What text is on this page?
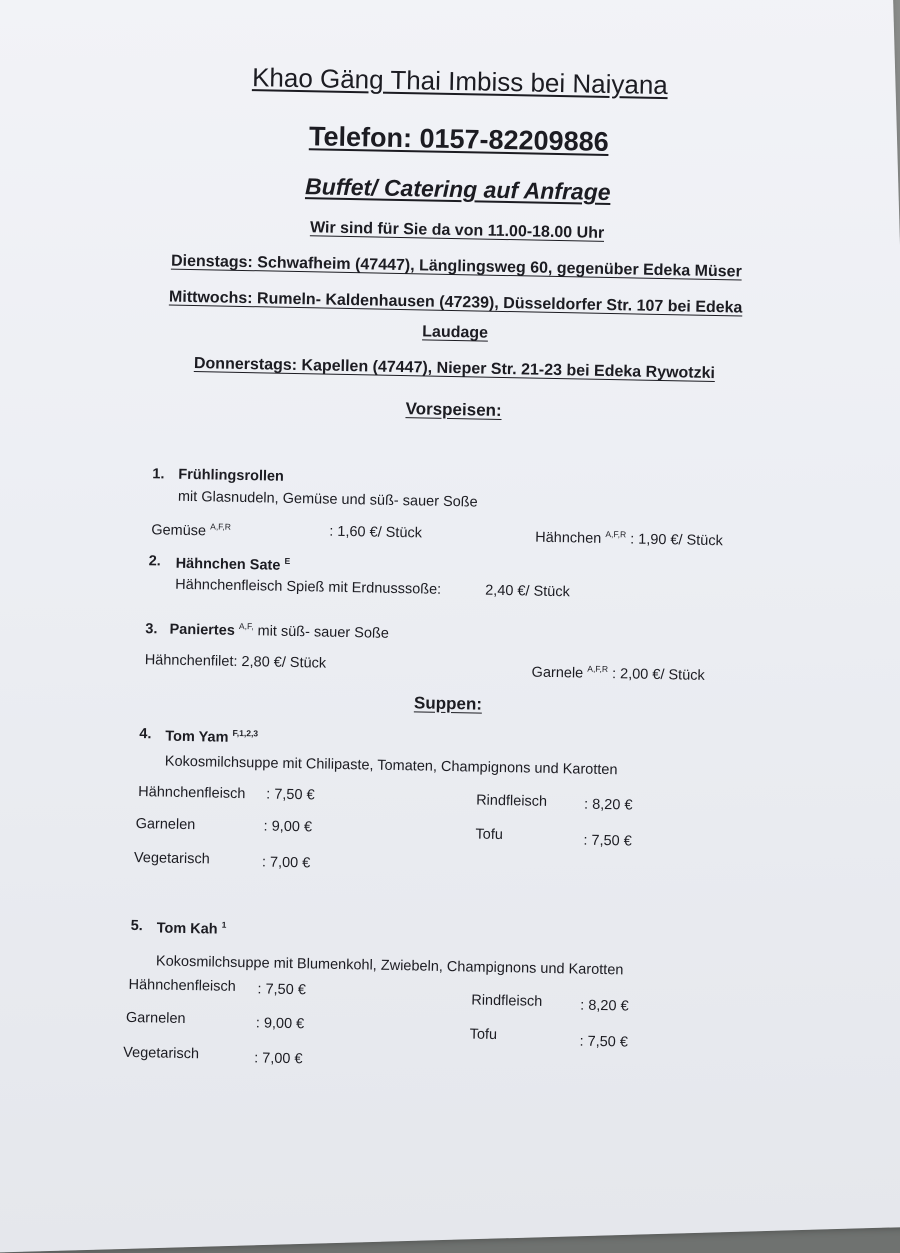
Khao Gäng Thai Imbiss bei Naiyana
Telefon: 0157-82209886
Buffet/ Catering auf Anfrage
Wir sind für Sie da von 11.00-18.00 Uhr
Dienstags: Schwafheim (47447), Länglingsweg 60, gegenüber Edeka Müser
Mittwochs: Rumeln- Kaldenhausen (47239), Düsseldorfer Str. 107 bei Edeka
Laudage
Donnerstags: Kapellen (47447), Nieper Str. 21-23 bei Edeka Rywotzki
Vorspeisen:
1. Frühlingsrollen
mit Glasnudeln, Gemüse und süß- sauer Soße
Gemüse $^{A,F,R}$	: 1,60 €/ Stück	Hähnchen $^{A,F,R}$ : 1,90 €/ Stück
2. Hähnchen Sate $^E$
Hähnchenfleisch Spieß mit Erdnusssoße:	2,40 €/ Stück
3. Paniertes $^{A,F,}$ mit süß- sauer Soße
Hähnchenfilet: 2,80 €/ Stück
Garnele $^{A,F,R}$ : 2,00 €/ Stück
Suppen:
4. Tom Yam $^{F,1,2,3}$
Kokosmilchsuppe mit Chilipaste, Tomaten, Champignons und Karotten
Hähnchenfleisch : 7,50 €
Garnelen	: 9,00 €
Vegetarisch	: 7,00 €
Rindfleisch	: 8,20 €
Tofu	: 7,50 €
5. Tom Kah $^1$
Kokosmilchsuppe mit Blumenkohl, Zwiebeln, Champignons und Karotten
Hähnchenfleisch : 7,50 €
Garnelen	: 9,00 €
Vegetarisch	: 7,00 €
Rindfleisch	: 8,20 €
Tofu	: 7,50 €
